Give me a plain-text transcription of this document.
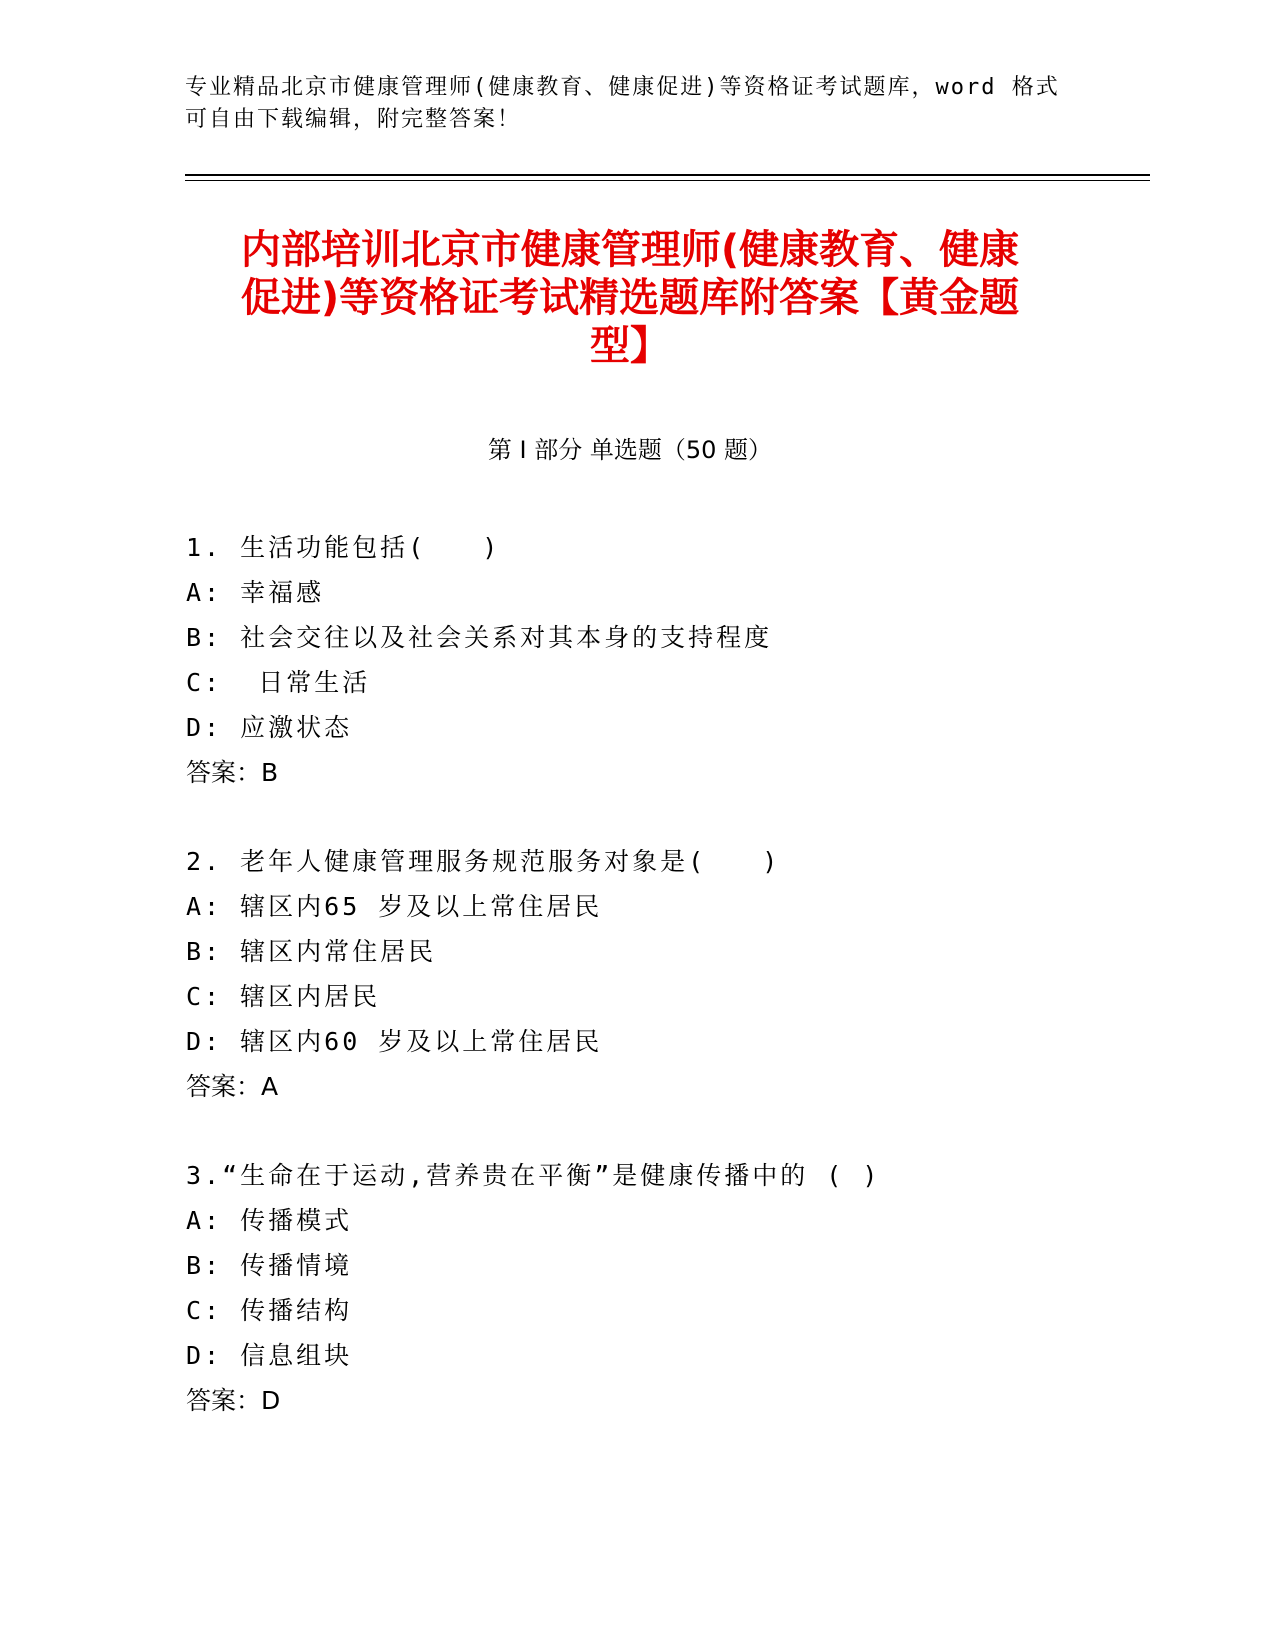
专业精品北京市健康管理师(健康教育、健康促进)等资格证考试题库，word 格式
可自由下载编辑，附完整答案！
内部培训北京市健康管理师(健康教育、健康
促进)等资格证考试精选题库附答案【黄金题
型】
第 I 部分 单选题（50 题）
1. 生活功能包括(　　)
A: 幸福感
B: 社会交往以及社会关系对其本身的支持程度
C:  日常生活
D: 应激状态
答案：B
2. 老年人健康管理服务规范服务对象是(　　)
A: 辖区内65 岁及以上常住居民
B: 辖区内常住居民
C: 辖区内居民
D: 辖区内60 岁及以上常住居民
答案：A
3.“生命在于运动,营养贵在平衡”是健康传播中的 ( )
A: 传播模式
B: 传播情境
C: 传播结构
D: 信息组块
答案：D
